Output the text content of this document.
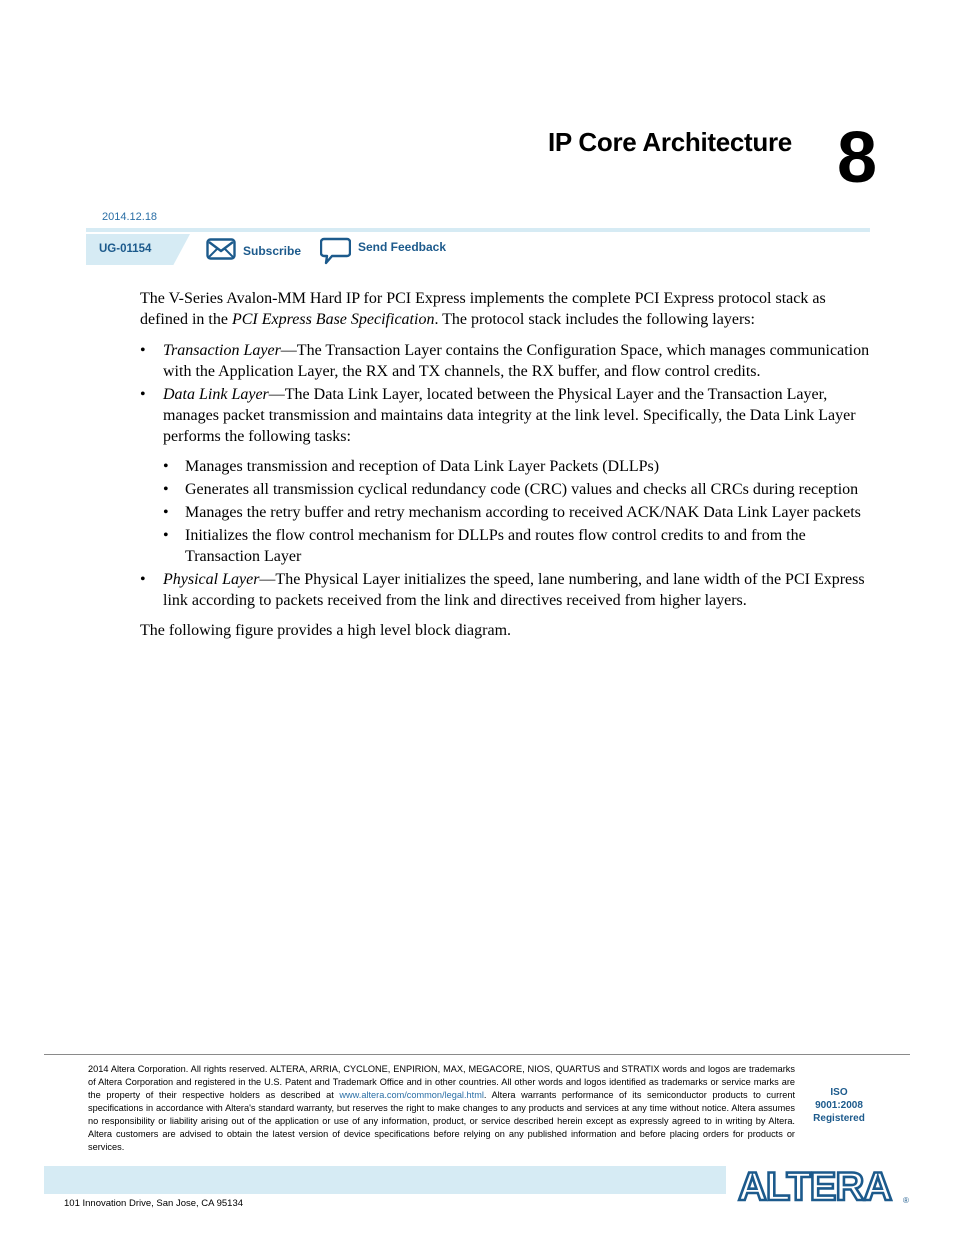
IP Core Architecture 8
2014.12.18
UG-01154	Subscribe	Send Feedback

The V-Series Avalon-MM Hard IP for PCI Express implements the complete PCI Express protocol stack as defined in the PCI Express Base Specification. The protocol stack includes the following layers:

• Transaction Layer—The Transaction Layer contains the Configuration Space, which manages communication with the Application Layer, the RX and TX channels, the RX buffer, and flow control credits.
• Data Link Layer—The Data Link Layer, located between the Physical Layer and the Transaction Layer, manages packet transmission and maintains data integrity at the link level. Specifically, the Data Link Layer performs the following tasks:
• Manages transmission and reception of Data Link Layer Packets (DLLPs)
• Generates all transmission cyclical redundancy code (CRC) values and checks all CRCs during reception
• Manages the retry buffer and retry mechanism according to received ACK/NAK Data Link Layer packets
• Initializes the flow control mechanism for DLLPs and routes flow control credits to and from the Transaction Layer
• Physical Layer—The Physical Layer initializes the speed, lane numbering, and lane width of the PCI Express link according to packets received from the link and directives received from higher layers.

The following figure provides a high level block diagram.

2014 Altera Corporation. All rights reserved. ALTERA, ARRIA, CYCLONE, ENPIRION, MAX, MEGACORE, NIOS, QUARTUS and STRATIX words and logos are trademarks of Altera Corporation and registered in the U.S. Patent and Trademark Office and in other countries. All other words and logos identified as trademarks or service marks are the property of their respective holders as described at www.altera.com/common/legal.html. Altera warrants performance of its semiconductor products to current specifications in accordance with Altera's standard warranty, but reserves the right to make changes to any products and services at any time without notice. Altera assumes no responsibility or liability arising out of the application or use of any information, product, or service described herein except as expressly agreed to in writing by Altera. Altera customers are advised to obtain the latest version of device specifications before relying on any published information and before placing orders for products or services.
ISO
9001:2008
Registered
ALTERA ®
101 Innovation Drive, San Jose, CA 95134
